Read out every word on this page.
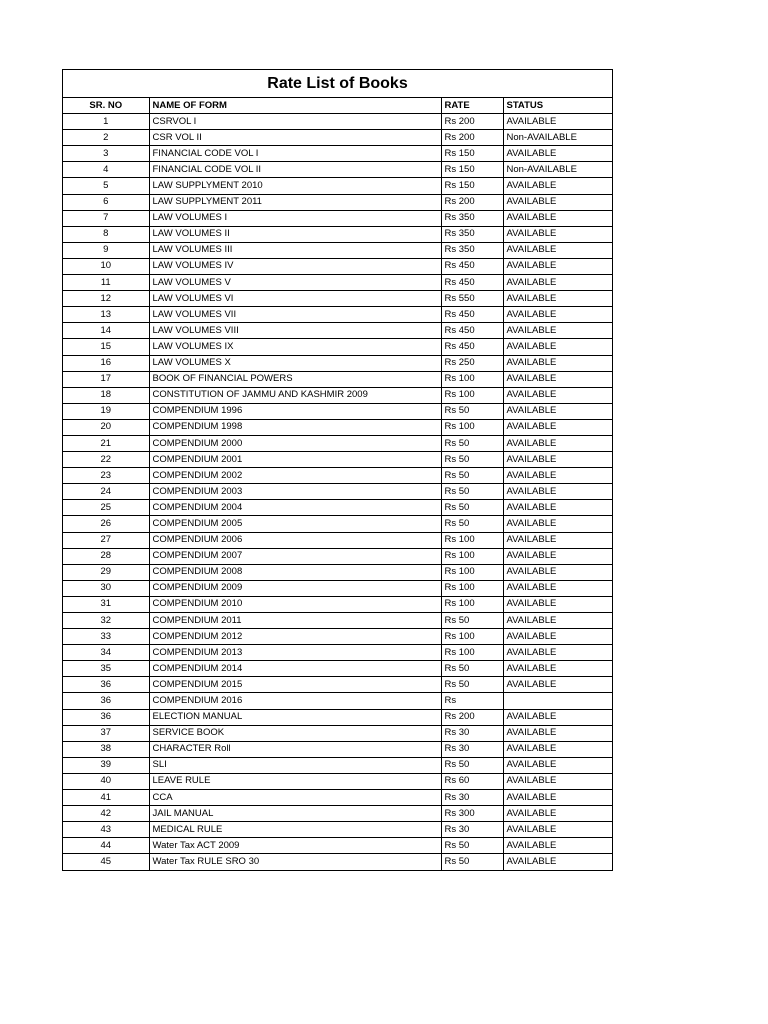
Rate List of Books
SR. NO	NAME OF FORM	RATE	STATUS
1	CSRVOL I	Rs 200	AVAILABLE
2	CSR VOL II	Rs 200	Non-AVAILABLE
3	FINANCIAL CODE VOL I	Rs 150	AVAILABLE
4	FINANCIAL CODE VOL II	Rs 150	Non-AVAILABLE
5	LAW SUPPLYMENT 2010	Rs 150	AVAILABLE
6	LAW SUPPLYMENT 2011	Rs 200	AVAILABLE
7	LAW VOLUMES I	Rs 350	AVAILABLE
8	LAW VOLUMES II	Rs 350	AVAILABLE
9	LAW VOLUMES III	Rs 350	AVAILABLE
10	LAW VOLUMES IV	Rs 450	AVAILABLE
11	LAW VOLUMES V	Rs 450	AVAILABLE
12	LAW VOLUMES VI	Rs 550	AVAILABLE
13	LAW VOLUMES VII	Rs 450	AVAILABLE
14	LAW VOLUMES VIII	Rs 450	AVAILABLE
15	LAW VOLUMES IX	Rs 450	AVAILABLE
16	LAW VOLUMES X	Rs 250	AVAILABLE
17	BOOK OF FINANCIAL POWERS	Rs 100	AVAILABLE
18	CONSTITUTION OF JAMMU AND KASHMIR 2009	Rs 100	AVAILABLE
19	COMPENDIUM 1996	Rs 50	AVAILABLE
20	COMPENDIUM 1998	Rs 100	AVAILABLE
21	COMPENDIUM 2000	Rs 50	AVAILABLE
22	COMPENDIUM 2001	Rs 50	AVAILABLE
23	COMPENDIUM 2002	Rs 50	AVAILABLE
24	COMPENDIUM 2003	Rs 50	AVAILABLE
25	COMPENDIUM 2004	Rs 50	AVAILABLE
26	COMPENDIUM 2005	Rs 50	AVAILABLE
27	COMPENDIUM 2006	Rs 100	AVAILABLE
28	COMPENDIUM 2007	Rs 100	AVAILABLE
29	COMPENDIUM 2008	Rs 100	AVAILABLE
30	COMPENDIUM 2009	Rs 100	AVAILABLE
31	COMPENDIUM 2010	Rs 100	AVAILABLE
32	COMPENDIUM 2011	Rs 50	AVAILABLE
33	COMPENDIUM 2012	Rs 100	AVAILABLE
34	COMPENDIUM 2013	Rs 100	AVAILABLE
35	COMPENDIUM 2014	Rs 50	AVAILABLE
36	COMPENDIUM 2015	Rs 50	AVAILABLE
36	COMPENDIUM 2016	Rs	
36	ELECTION MANUAL	Rs 200	AVAILABLE
37	SERVICE BOOK	Rs 30	AVAILABLE
38	CHARACTER Roll	Rs 30	AVAILABLE
39	SLI	Rs 50	AVAILABLE
40	LEAVE RULE	Rs 60	AVAILABLE
41	CCA	Rs 30	AVAILABLE
42	JAIL MANUAL	Rs 300	AVAILABLE
43	MEDICAL RULE	Rs 30	AVAILABLE
44	Water Tax ACT 2009	Rs 50	AVAILABLE
45	Water Tax RULE SRO 30	Rs 50	AVAILABLE
